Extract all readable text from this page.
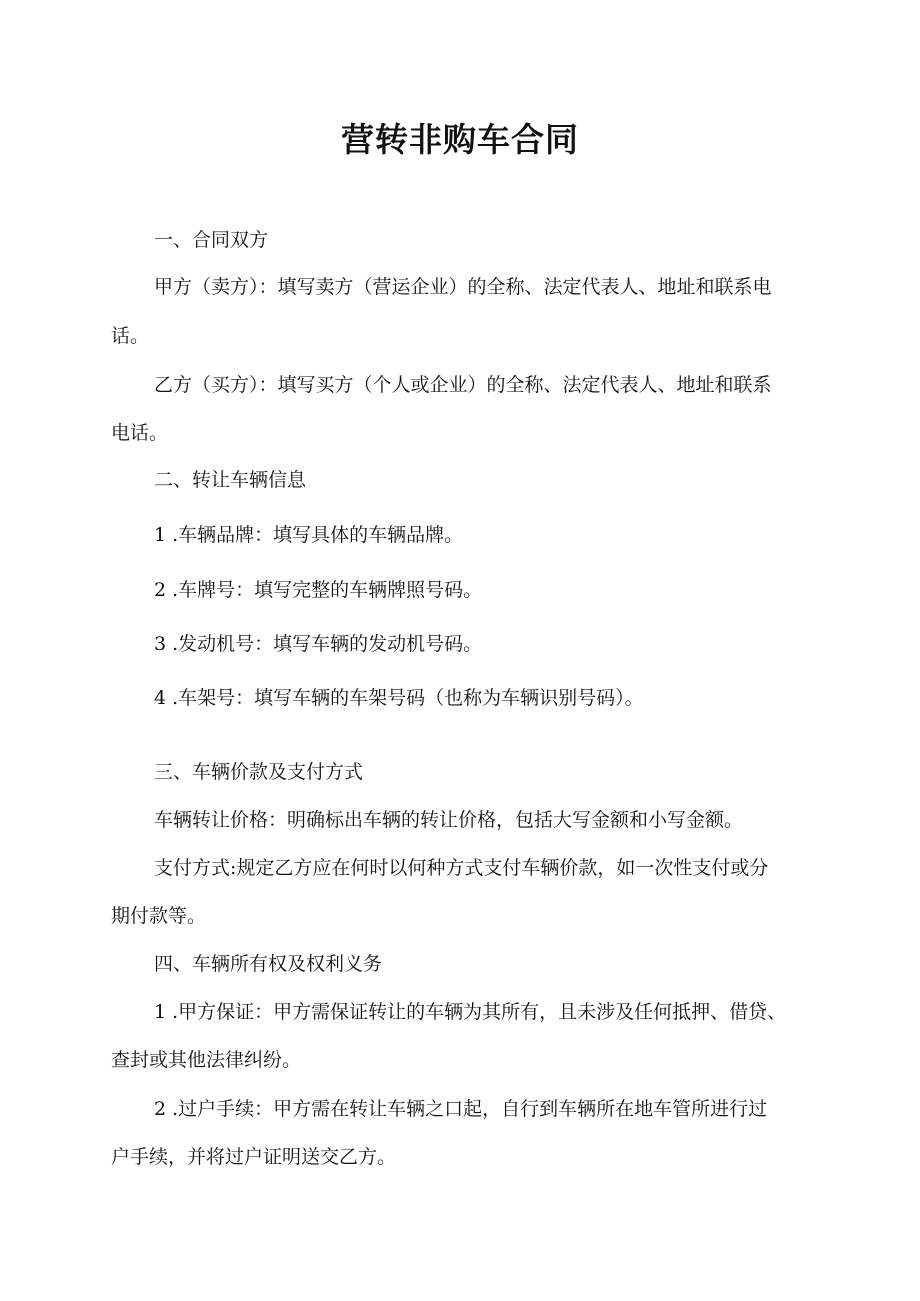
营转非购车合同

一、合同双方

甲方（卖方）：填写卖方（营运企业）的全称、法定代表人、地址和联系电

话。

乙方（买方）：填写买方（个人或企业）的全称、法定代表人、地址和联系

电话。

二、转让车辆信息

1 .车辆品牌：填写具体的车辆品牌。

2 .车牌号：填写完整的车辆牌照号码。

3 .发动机号：填写车辆的发动机号码。

4 .车架号：填写车辆的车架号码（也称为车辆识别号码）。

三、车辆价款及支付方式

车辆转让价格：明确标出车辆的转让价格，包括大写金额和小写金额。

支付方式:规定乙方应在何时以何种方式支付车辆价款，如一次性支付或分

期付款等。

四、车辆所有权及权利义务

1 .甲方保证：甲方需保证转让的车辆为其所有，且未涉及任何抵押、借贷、

查封或其他法律纠纷。

2 .过户手续：甲方需在转让车辆之口起，自行到车辆所在地车管所进行过

户手续，并将过户证明送交乙方。
